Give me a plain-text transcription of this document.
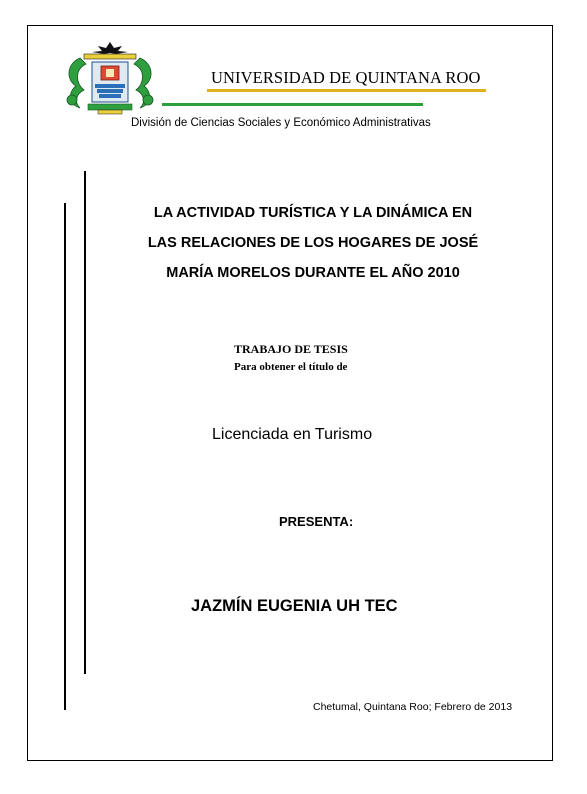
UNIVERSIDAD DE QUINTANA ROO
División de Ciencias Sociales y Económico Administrativas
LA ACTIVIDAD TURÍSTICA Y LA DINÁMICA EN
LAS RELACIONES DE LOS HOGARES DE JOSÉ
MARÍA MORELOS DURANTE EL AÑO 2010
TRABAJO DE TESIS
Para obtener el título de
Licenciada en Turismo
PRESENTA:
JAZMÍN EUGENIA UH TEC
Chetumal, Quintana Roo; Febrero de 2013
